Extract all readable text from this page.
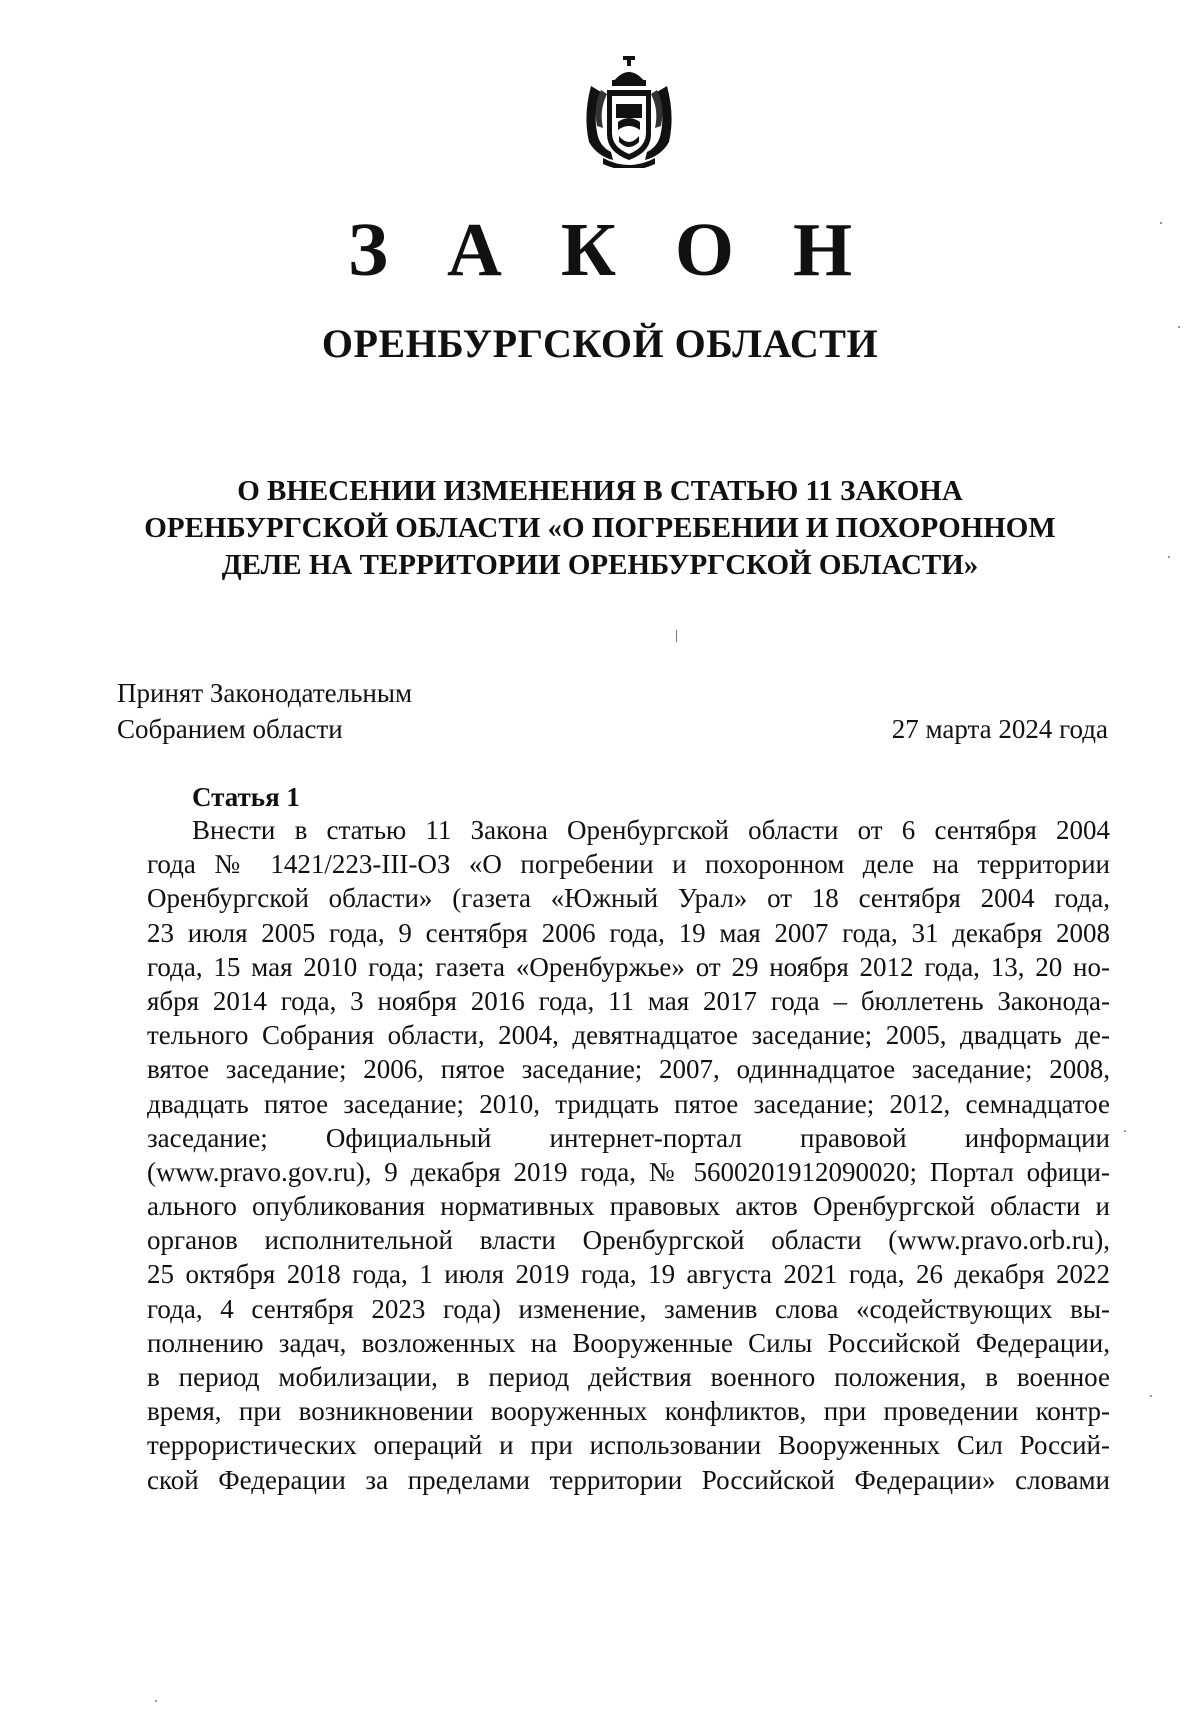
З А К О Н
ОРЕНБУРГСКОЙ ОБЛАСТИ
О ВНЕСЕНИИ ИЗМЕНЕНИЯ В СТАТЬЮ 11 ЗАКОНА
ОРЕНБУРГСКОЙ ОБЛАСТИ «О ПОГРЕБЕНИИ И ПОХОРОННОМ
ДЕЛЕ НА ТЕРРИТОРИИ ОРЕНБУРГСКОЙ ОБЛАСТИ»
Принят Законодательным
Собранием области	27 марта 2024 года
Статья 1
Внести в статью 11 Закона Оренбургской области от 6 сентября 2004
года № 1421/223-III-ОЗ «О погребении и похоронном деле на территории
Оренбургской области» (газета «Южный Урал» от 18 сентября 2004 года,
23 июля 2005 года, 9 сентября 2006 года, 19 мая 2007 года, 31 декабря 2008
года, 15 мая 2010 года; газета «Оренбуржье» от 29 ноября 2012 года, 13, 20 но-
ября 2014 года, 3 ноября 2016 года, 11 мая 2017 года – бюллетень Законода-
тельного Собрания области, 2004, девятнадцатое заседание; 2005, двадцать де-
вятое заседание; 2006, пятое заседание; 2007, одиннадцатое заседание; 2008,
двадцать пятое заседание; 2010, тридцать пятое заседание; 2012, семнадцатое
заседание; Официальный интернет-портал правовой информации
(www.pravo.gov.ru), 9 декабря 2019 года, № 5600201912090020; Портал офици-
ального опубликования нормативных правовых актов Оренбургской области и
органов исполнительной власти Оренбургской области (www.pravo.orb.ru),
25 октября 2018 года, 1 июля 2019 года, 19 августа 2021 года, 26 декабря 2022
года, 4 сентября 2023 года) изменение, заменив слова «содействующих вы-
полнению задач, возложенных на Вооруженные Силы Российской Федерации,
в период мобилизации, в период действия военного положения, в военное
время, при возникновении вооруженных конфликтов, при проведении контр-
террористических операций и при использовании Вооруженных Сил Россий-
ской Федерации за пределами территории Российской Федерации» словами
